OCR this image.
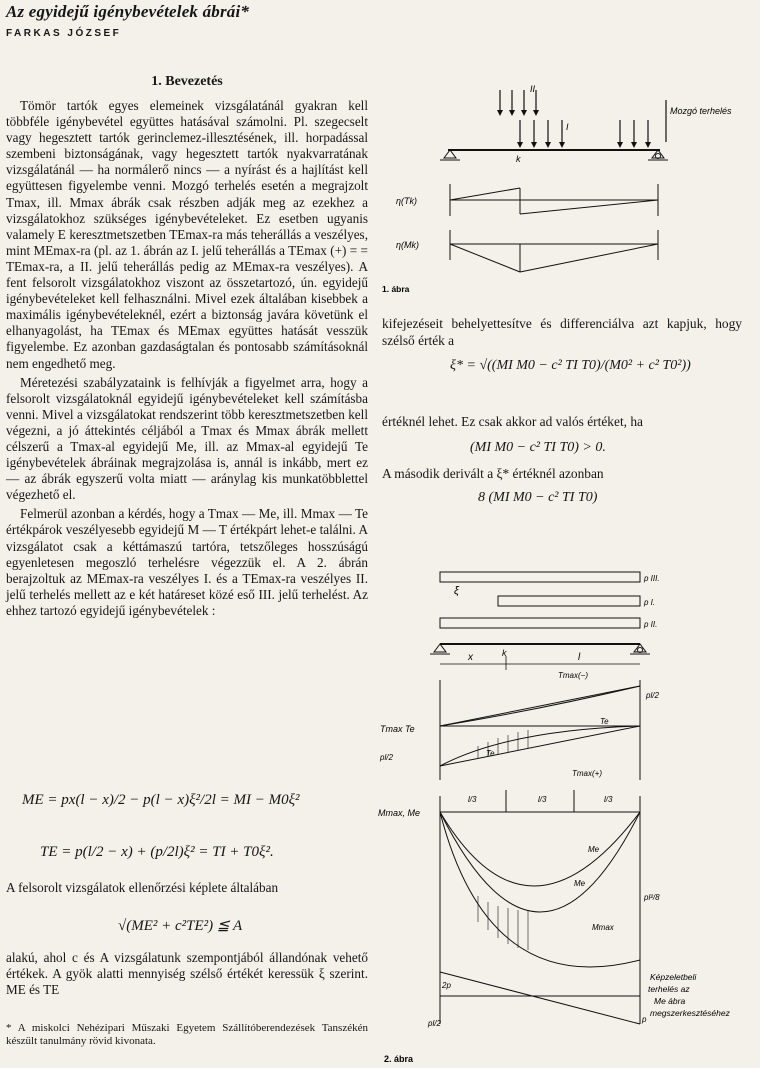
Az egyidejű igénybevételek ábrái*
FARKAS JÓZSEF
1. Bevezetés

Tömör tartók egyes elemeinek vizsgálatánál gyakran kell többféle igénybevétel együttes hatásával számolni. Pl. szegecselt vagy hegesztett tartók gerinclemez-illesztésének, ill. horpadással szembeni biztonságának, vagy hegesztett tartók nyakvarratának vizsgálatánál — ha normálerő nincs — a nyírást és a hajlítást kell együttesen figyelembe venni. Mozgó terhelés esetén a megrajzolt Tmax, ill. Mmax ábrák csak részben adják meg az ezekhez a vizsgálatokhoz szükséges igénybevételeket. Ez esetben ugyanis valamely E keresztmetszetben TEmax-ra más teherállás a veszélyes, mint MEmax-ra (pl. az 1. ábrán az I. jelű teherállás a TEmax (+) = = TEmax-ra, a II. jelű teherállás pedig az MEmax-ra veszélyes). A fent felsorolt vizsgálatokhoz viszont az összetartozó, ún. egyidejű igénybevételeket kell felhasználni. Mivel ezek általában kisebbek a maximális igénybevételeknél, ezért a biztonság javára követünk el elhanyagolást, ha TEmax és MEmax együttes hatását vesszük figyelembe. Ez azonban gazdaságtalan és pontosabb számításoknál nem engedhető meg.

Méretezési szabályzataink is felhívják a figyelmet arra, hogy a felsorolt vizsgálatoknál egyidejű igénybevételeket kell számításba venni. Mivel a vizsgálatokat rendszerint több keresztmetszetben kell végezni, a jó áttekintés céljából a Tmax és Mmax ábrák mellett célszerű a Tmax-al egyidejű Me, ill. az Mmax-al egyidejű Te igénybevételek ábráinak megrajzolása is, annál is inkább, mert ez — az ábrák egyszerű volta miatt — aránylag kis munkatöbblettel végezhető el.

Felmerül azonban a kérdés, hogy a Tmax — Me, ill. Mmax — Te értékpárok veszélyesebb egyidejű M — T értékpárt lehet-e találni. A vizsgálatot csak a kéttámaszú tartóra, tetszőleges hosszúságú egyenletesen megoszló terhelésre végezzük el. A 2. ábrán berajzoltuk az MEmax-ra veszélyes I. és a TEmax-ra veszélyes II. jelű terhelés mellett az e két határeset közé eső III. jelű terhelést. Az ehhez tartozó egyidejű igénybevételek :

ME = px(l − x)/2 − p(l − x)ξ²/2l = MI − M0ξ²
TE = p(l/2 − x) + (p/2l)ξ² = TI + T0ξ².
A felsorolt vizsgálatok ellenőrzési képlete általában
√(ME² + c²TE²) ≦ A
alakú, ahol c és A vizsgálatunk szempontjából állandónak vehető értékek. A gyök alatti mennyiség szélső értékét keressük ξ szerint. ME és TE
* A miskolci Nehézipari Műszaki Egyetem Szállítóberendezések Tanszékén készült tanulmány rövid kivonata.
kifejezéseit behelyettesítve és differenciálva azt kapjuk, hogy szélső érték a
ξ* = √((MI M0 − c² TI T0)/(M0² + c² T0²))
értéknél lehet. Ez csak akkor ad valós értéket, ha
(MI M0 − c² TI T0) > 0.
A második derivált a ξ* értéknél azonban
8 (MI M0 − c² TI T0)
II
I
k
Mozgó terhelés
η(Tk)
η(Mk)
1. ábra
p III.
p I.
p II.
ξ
x	k	l
Tmax Te
Tmax(−)
Te
Te
Tmax(+)
pl/2
pl/2
Mmax, Me
l/3	l/3	l/3
Me
Me
Mmax
pl²/8
2p
p
pl/2
Képzeletbeli
terhelés az
Me ábra
megszerkesztéséhez
2. ábra
